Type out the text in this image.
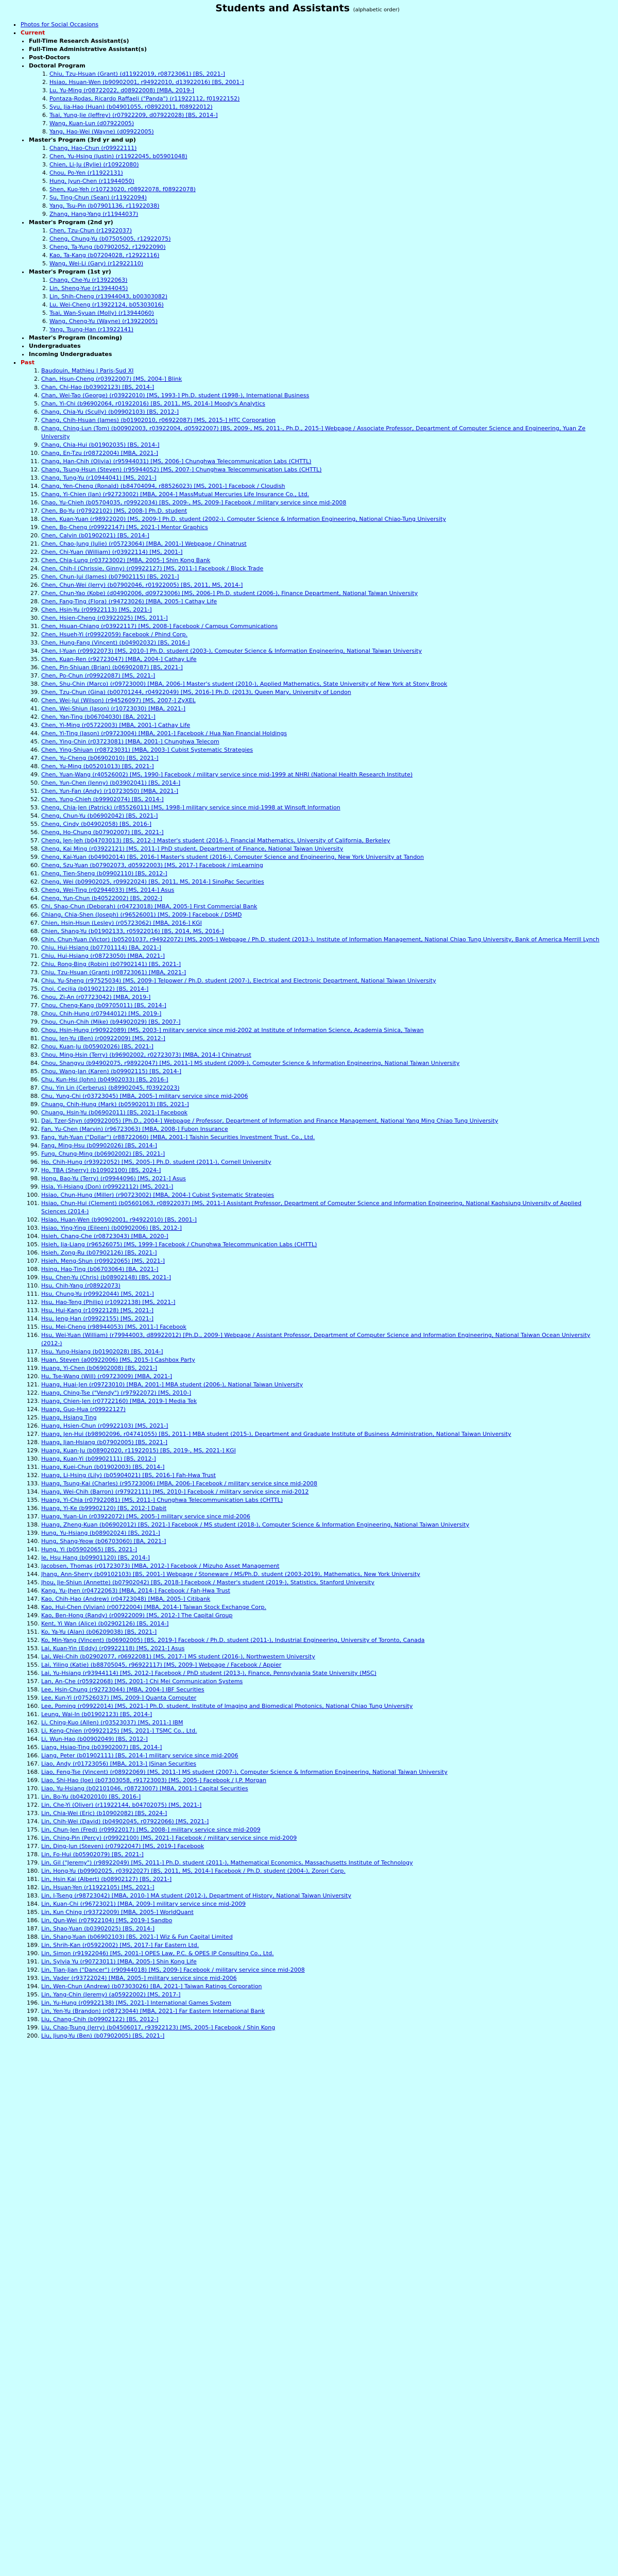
Students and Assistants (alphabetic order)
▪ Photos for Social Occasions
▪ Current
• Full-Time Research Assistant(s)
• Full-Time Administrative Assistant(s)
• Post-Doctors
• Doctoral Program
1. Chiu, Tzu-Hsuan (Grant) (d11922019, r08723061) [BS, 2021-]
2. Hsiao, Hsuan-Wen (b90902001, r94922010, d13922016) [BS, 2001-]
3. Lu, Yu-Ming (r08722022, d08922008) [MBA, 2019-]
4. Pontaza-Rodas, Ricardo Raffaeli ("Panda") (r11922112, f01922152)
5. Syu, Jia-Hao (Huan) (b04901055, r08922011, f08922012)
6. Tsai, Yung-Jie (Jeffrey) (r07922209, d07922028) [BS, 2014-]
7. Wang, Kuan-Lun (d07922005)
8. Yang, Hao-Wei (Wayne) (d09922005)
• Master's Program (3rd yr and up)
1. Chang, Hao-Chun (r09922111)
2. Chen, Yu-Hsing (Justin) (r11922045, b05901048)
3. Chien, Li-Ju (Rylie) (r10922080)
4. Chou, Po-Yen (r11922131)
5. Hung, Jyun-Chen (r11944050)
6. Shen, Kuo-Yeh (r10723020, r08922078, f08922078)
7. Su, Ting-Chun (Sean) (r11922094)
8. Yang, Tsu-Pin (b07901136, r11922038)
9. Zhang, Hang-Yang (r11944037)
• Master's Program (2nd yr)
1. Chen, Tzu-Chun (r12922037)
2. Cheng, Chung-Yu (b07505005, r12922075)
3. Cheng, Ta-Yung (b07902052, r12922090)
4. Kao, Ta-Kang (b07204028, r12922116)
5. Wang, Wei-Li (Gary) (r12922110)
• Master's Program (1st yr)
1. Chang, Che-Yu (r13922063)
2. Lin, Sheng-Yue (r13944045)
3. Lin, Shih-Cheng (r13944043, b00303082)
4. Lu, Wei-Cheng (r13922124, b05303016)
5. Tsai, Wan-Syuan (Molly) (r13944060)
6. Wang, Cheng-Yu (Wayne) (r13922005)
7. Yang, Tsung-Han (r13922141)
• Master's Program (Incoming)
• Undergraduates
• Incoming Undergraduates
▪ Past
1. Baudouin, Mathieu | Paris-Sud XI
2. Chan, Hsun-Cheng (r03922007) [MS, 2004-] Blink
3. Chan, Chi-Hao (b03902123) [BS, 2014-]
4. Chan, Wei-Tao (George) (r03922010) [MS, 1993-] Ph.D. student (1998-), International Business
5. Chan, Yi-Chi (b96902064, r01922016) [BS, 2011, MS, 2014-] Moody's Analytics
6. Chang, Chia-Yu (Scully) (b09902103) [BS, 2012-]
7. Chang, Chih-Hsuan (James) (b01902010, r06922087) [MS, 2015-] HTC Corporation
8. Chang, Ching-Lun (Tom) (b00902003, r03922004, d05922007) [BS, 2009-, MS, 2011-, Ph.D., 2015-] Webpage / Associate Professor, Department of Computer Science and Engineering, Yuan Ze University
9. Chang, Chia-Hui (b01902035) [BS, 2014-]
10. Chang, En-Tzu (r08722004) [MBA, 2021-]
11. Chang, Han-Chih (Olivia) (r95944031) [MS, 2006-] Chunghwa Telecommunication Labs (CHTTL)
12. Chang, Tsung-Hsun (Steven) (r95944052) [MS, 2007-] Chunghwa Telecommunication Labs (CHTTL)
13. Chang, Tung-Yu (r10944041) [MS, 2021-]
14. Chang, Yen-Cheng (Ronald) (b84704094, r88526023) [MS, 2001-] Facebook / Cloudish
15. Chang, Yi-Chien (Jan) (r92723002) [MBA, 2004-] MassMutual Mercuries Life Insurance Co., Ltd.
16. Chao, Yu-Chieh (b05704035, r09922034) [BS, 2009-, MS, 2009-] Facebook / military service since mid-2008
17. Chen, Bo-Yu (r07922102) [MS, 2008-] Ph.D. student
18. Chen, Kuan-Yuan (r98922020) [MS, 2009-] Ph.D. student (2002-), Computer Science & Information Engineering, National Chiao-Tung University
19. Chen, Bo-Cheng (r09922147) [MS, 2021-] Mentor Graphics
20. Chen, Calvin (b01902021) [BS, 2014-]
21. Chen, Chao-Jung (Julie) (r05723064) [MBA, 2001-] Webpage / Chinatrust
22. Chen, Chi-Yuan (William) (r03922114) [MS, 2001-]
23. Chen, Chia-Lung (r03723002) [MBA, 2005-] Shin Kong Bank
24. Chen, Chih-I (Chrissie, Ginny) (r09922127) [MS, 2011-] Facebook / Block Trade
25. Chen, Chun-Jui (James) (b07902115) [BS, 2021-]
26. Chen, Chun-Wei (Jerry) (b07902046, r01922005) [BS, 2011, MS, 2014-]
27. Chen, Chun-Yao (Kobe) (d04902006, d09723006) [MS, 2006-] Ph.D. student (2006-), Finance Department, National Taiwan University
28. Chen, Fang-Ting (Flora) (r94723026) [MBA, 2005-] Cathay Life
29. Chen, Hsin-Yu (r09922113) [MS, 2021-]
30. Chen, Hsien-Cheng (r03922025) [MS, 2011-]
31. Chen, Hsuan-Chiang (r03922117) [MS, 2008-] Facebook / Campus Communications
32. Chen, Hsueh-Yi (r09922059) Facebook / Phind Corp.
33. Chen, Hung-Fang (Vincent) (b04902032) [BS, 2016-]
34. Chen, I-Yuan (r09922073) [MS, 2010-] Ph.D. student (2003-), Computer Science & Information Engineering, National Taiwan University
35. Chen, Kuan-Ren (r92723047) [MBA, 2004-] Cathay Life
36. Chen, Pin-Shiuan (Brian) (b06902087) [BS, 2021-]
37. Chen, Po-Chun (r09922087) [MS, 2021-]
38. Chen, Shu-Chin (Marco) (r09723000) [MBA, 2006-] Master's student (2010-), Applied Mathematics, State University of New York at Stony Brook
39. Chen, Tzu-Chun (Gina) (b00701244, r04922049) [MS, 2016-] Ph.D. (2013), Queen Mary, University of London
40. Chen, Wei-Jui (Wilson) (r94526097) [MS, 2007-] ZyXEL
41. Chen, Wei-Shiun (Jason) (r10723030) [MBA, 2021-]
42. Chen, Yan-Ting (b06704030) [BA, 2021-]
43. Chen, Yi-Ming (r05722003) [MBA, 2001-] Cathay Life
44. Chen, Yi-Ting (Jason) (r09723004) [MBA, 2001-] Facebook / Hua Nan Financial Holdings
45. Chen, Ying-Chin (r03723081) [MBA, 2001-] Chunghwa Telecom
46. Chen, Ying-Shiuan (r08723031) [MBA, 2003-] Cubist Systematic Strategies
47. Chen, Yu-Cheng (b06902010) [BS, 2021-]
48. Chen, Yu-Ming (b05201013) [BS, 2021-]
49. Chen, Yuan-Wang (r40526002) [MS, 1990-] Facebook / military service since mid-1999 at NHRI (National Health Research Institute)
50. Chen, Yun-Chen (Jenny) (b03902041) [BS, 2014-]
51. Chen, Yun-Fan (Andy) (r10723050) [MBA, 2021-]
52. Chen, Yung-Chieh (b99902074) [BS, 2014-]
53. Cheng, Chia-Jen (Patrick) (r85526011) [MS, 1998-] military service since mid-1998 at Winsoft Information
54. Cheng, Chun-Yu (b06902042) [BS, 2021-]
55. Cheng, Cindy (b04902058) [BS, 2016-]
56. Cheng, Ho-Chung (b07902007) [BS, 2021-]
57. Cheng, Jen-Jeh (b04703013) [BS, 2012-] Master's student (2016-), Financial Mathematics, University of California, Berkeley
58. Cheng, Kai Ming (r03922121) [MS, 2011-] PhD student, Department of Finance, National Taiwan University
59. Cheng, Kai-Yuan (b04902014) [BS, 2016-] Master's student (2016-), Computer Science and Engineering, New York University at Tandon
60. Cheng, Szu-Yuan (b07902073, d05922003) [MS, 2017-] Facebook / imLearning
61. Cheng, Tien-Sheng (b09902110) [BS, 2012-]
62. Cheng, Wei (b09902025, r09922024) [BS, 2011, MS, 2014-] SinoPac Securities
63. Cheng, Wei-Ting (r02944033) [MS, 2014-] Asus
64. Cheng, Yun-Chun (b40522002) [BS, 2002-]
65. Chi, Shao-Chun (Deborah) (r04723018) [MBA, 2005-] First Commercial Bank
66. Chiang, Chia-Shen (Joseph) (r96526001) [MS, 2009-] Facebook / DSMD
67. Chien, Hsin-Hsun (Lesley) (r05723062) [MBA, 2016-] KGI
68. Chien, Shang-Yu (b01902133, r05922016) [BS, 2014, MS, 2016-]
69. Chin, Chun-Yuan (Victor) (b05201037, r94922072) [MS, 2005-] Webpage / Ph.D. student (2013-), Institute of Information Management, National Chiao Tung University, Bank of America Merrill Lynch
70. Chiu, Hui-Hsiang (b07701114) [BA, 2021-]
71. Chiu, Hui-Hsiang (r08723050) [MBA, 2021-]
72. Chiu, Rong-Bing (Robin) (b07902141) [BS, 2021-]
73. Chiu, Tzu-Hsuan (Grant) (r08723061) [MBA, 2021-]
74. Chiu, Yu-Sheng (r97525034) [MS, 2009-] Telpower / Ph.D. student (2007-), Electrical and Electronic Department, National Taiwan University
75. Choi, Cecilia (b01902122) [BS, 2014-]
76. Chou, Zi-An (r07723042) [MBA, 2019-]
77. Chou, Cheng-Kang (b09705011) [BS, 2014-]
78. Chou, Chih-Hung (r07944012) [MS, 2019-]
79. Chou, Chun-Chih (Mike) (b94902029) [BS, 2007-]
80. Chou, Hsin-Hung (r90922089) [MS, 2003-] military service since mid-2002 at Institute of Information Science, Academia Sinica, Taiwan
81. Chou, Jen-Yu (Ben) (r00922009) [MS, 2012-]
82. Chou, Kuan-Ju (b05902026) [BS, 2021-]
83. Chou, Ming-Hsin (Terry) (b96902002, r02723073) [MBA, 2014-] Chinatrust
84. Chou, Shangyu (b94902075, r98922047) [MS, 2011-] MS student (2009-), Computer Science & Information Engineering, National Taiwan University
85. Chou, Wang-Jan (Karen) (b09902115) [BS, 2014-]
86. Chu, Kun-Hsi (John) (b04902033) [BS, 2016-]
87. Chu, Yin Lin (Cerberus) (b89902045, f03922023)
88. Chu, Yung-Chi (r03723045) [MBA, 2005-] military service since mid-2006
89. Chuang, Chih-Hung (Mark) (b05902013) [BS, 2021-]
90. Chuang, Hsin-Yu (b06902011) [BS, 2021-] Facebook
91. Dai, Tzer-Shyn (d90922005) [Ph.D., 2004-] Webpage / Professor, Department of Information and Finance Management, National Yang Ming Chiao Tung University
92. Fan, Yu-Chen (Marvin) (r96723063) [MBA, 2008-] Fubon Insurance
93. Fang, Yuh-Yuan ("Dollar") (r88722060) [MBA, 2001-] Taishin Securities Investment Trust. Co., Ltd.
94. Fang, Ming-Hsu (b09902026) [BS, 2014-]
95. Fung, Chung-Ming (b06902002) [BS, 2021-]
96. Ho, Chih-Hung (r93922052) [MS, 2005-] Ph.D. student (2011-), Cornell University
97. Ho, TBA (Sherry) (b10902100) [BS, 2024-]
98. Hong, Bao-Yu (Terry) (r09944096) [MS, 2021-] Asus
99. Hsia, Yi-Hsiang (Don) (r09922112) [MS, 2021-]
100. Hsiao, Chun-Hung (Miller) (r90723002) [MBA, 2004-] Cubist Systematic Strategies
101. Hsiao, Chun-Hui (Clement) (b05601063, r08922037) [MS, 2011-] Assistant Professor, Department of Computer Science and Information Engineering, National Kaohsiung University of Applied Sciences (2014-)
102. Hsiao, Huan-Wen (b90902001, r94922010) [BS, 2001-]
103. Hsiao, Ying-Ying (Eileen) (b00902006) [BS, 2012-]
104. Hsieh, Chang-Che (r08723043) [MBA, 2020-]
105. Hsieh, Jia-Liang (r96526075) [MS, 1999-] Facebook / Chunghwa Telecommunication Labs (CHTTL)
106. Hsieh, Zong-Ru (b07902126) [BS, 2021-]
107. Hsieh, Meng-Shun (r09922065) [MS, 2021-]
108. Hsing, Hao-Ting (b06703064) [BA, 2021-]
109. Hsu, Chen-Yu (Chris) (b08902148) [BS, 2021-]
110. Hsu, Chih-Yang (r08922073)
111. Hsu, Chung-Yu (r09922044) [MS, 2021-]
112. Hsu, Hao-Teng (Philip) (r10922138) [MS, 2021-]
113. Hsu, Hui-Kang (r10922128) [MS, 2021-]
114. Hsu, Jeng-Han (r09922155) [MS, 2021-]
115. Hsu, Mei-Cheng (r98944053) [MS, 2011-] Facebook
116. Hsu, Wei-Yuan (William) (r79944003, d89922012) [Ph.D., 2009-] Webpage / Assistant Professor, Department of Computer Science and Information Engineering, National Taiwan Ocean University (2012-)
117. Hsu, Yung-Hsiang (b01902028) [BS, 2014-]
118. Huan, Steven (a00922006) [MS, 2015-] Cashbox Party
119. Huang, Yi-Chen (b06902008) [BS, 2021-]
120. Hu, Tse-Wang (Will) (r09723009) [MBA, 2021-]
121. Huang, Huai-Jen (r09723010) [MBA, 2001-] MBA student (2006-), National Taiwan University
122. Huang, Ching-Tse ("Vendy") (r97922072) [MS, 2010-]
123. Huang, Chien-Jen (r07722160) [MBA, 2019-] Media Tek
124. Huang, Guo-Hua (r09922127)
125. Huang, Hsiang Ting
126. Huang, Hsien-Chun (r09922103) [MS, 2021-]
127. Huang, Jen-Hui (b98902096, r04741055) [BS, 2011-] MBA student (2015-), Department and Graduate Institute of Business Administration, National Taiwan University
128. Huang, Jian-Hsiang (b07902005) [BS, 2021-]
129. Huang, Kuan-Ju (b08902020, r11922015) [BS, 2019-, MS, 2021-] KGI
130. Huang, Kuan-Yi (b09902111) [BS, 2012-]
131. Huang, Kuei-Chun (b01902003) [BS, 2014-]
132. Huang, Li-Hsing (Lily) (b05904021) [BS, 2016-] Fah-Hwa Trust
133. Huang, Tsung-Kai (Charles) (r95723006) [MBA, 2006-] Facebook / military service since mid-2008
134. Huang, Wei-Chih (Barron) (r97922111) [MS, 2010-] Facebook / military service since mid-2012
135. Huang, Yi-Chia (r07922081) [MS, 2011-] Chunghwa Telecommunication Labs (CHTTL)
136. Huang, Yi-Ke (b99902120) [BS, 2012-] Dabit
137. Huang, Yuan-Lin (r03922072) [MS, 2005-] military service since mid-2006
138. Huang, Zheng-Kuan (b06902012) [BS, 2021-] Facebook / MS student (2018-), Computer Science & Information Engineering, National Taiwan University
139. Hung, Yu-Hsiang (b08902024) [BS, 2021-]
140. Hung, Shang-Yeow (b06703060) [BA, 2021-]
141. Hung, Yi (b05902065) [BS, 2021-]
142. Ie, Hsu Hang (b09901120) [BS, 2014-]
143. Jacobsen, Thomas (r01723073) [MBA, 2012-] Facebook / Mizuho Asset Management
144. Jhang, Ann-Sherry (b09102103) [BS, 2001-] Webpage / Stoneware / MS/Ph.D. student (2003-2019), Mathematics, New York University
145. Jhou, Jie-Shiun (Annette) (b07902042) [BS, 2018-] Facebook / Master's student (2019-), Statistics, Stanford University
146. Kang, Yu-Jhen (r04722063) [MBA, 2014-] Facebook / Fah-Hwa Trust
147. Kao, Chih-Hao (Andrew) (r04723048) [MBA, 2005-] Citibank
148. Kao, Hui-Chen (Vivian) (r00722004) [MBA, 2014-] Taiwan Stock Exchange Corp.
149. Kao, Ben-Hong (Randy) (r00922009) [MS, 2012-] The Capital Group
150. Kent, Yi Wan (Alice) (b02902126) [BS, 2014-]
151. Ko, Ya-Yu (Alan) (b06209038) [BS, 2021-]
152. Ko, Min-Yang (Vincent) (b06902005) [BS, 2019-] Facebook / Ph.D. student (2011-), Industrial Engineering, University of Toronto, Canada
153. Lai, Kuan-Yin (Eddy) (r09922118) [MS, 2021-] Asus
154. Lai, Wei-Chih (b02902077, r06922081) [MS, 2017-] MS student (2016-), Northwestern University
155. Lai, Yiling (Katie) (b88705045, r96922117) [MS, 2009-] Webpage / Facebook / Appier
156. Lai, Yu-Hsiang (r93944114) [MS, 2012-] Facebook / PhD student (2013-), Finance, Pennsylvania State University (MSC)
157. Lan, An-Che (r05922068) [MS, 2001-] Chi Mei Communication Systems
158. Lee, Hsin-Chung (r92723044) [MBA, 2004-] IBF Securities
159. Lee, Kun-Yi (r07526037) [MS, 2009-] Quanta Computer
160. Lee, Poming (r09922014) [MS, 2021-] Ph.D. student, Institute of Imaging and Biomedical Photonics, National Chiao Tung University
161. Leung, Wai-In (b01902123) [BS, 2014-]
162. Li, Ching-Kuo (Allen) (r03523037) [MS, 2011-] IBM
163. Li, Keng-Chien (r09922125) [MS, 2021-] TSMC Co., Ltd.
164. Li, Wun-Hao (b00902049) [BS, 2012-]
165. Liang, Hsiao-Ting (b03902007) [BS, 2014-]
166. Liang, Peter (b01902111) [BS, 2014-] military service since mid-2006
167. Liao, Andy (r01723056) [MBA, 2013-] JSinan Securities
168. Liao, Feng-Tse (Vincent) (r08922069) [MS, 2011-] MS student (2007-), Computer Science & Information Engineering, National Taiwan University
169. Liao, Shi-Hao (Joe) (b07303058, r91723003) [MS, 2005-] Facebook / J.P. Morgan
170. Liao, Yu-Hsiang (b02101046, r08723007) [MBA, 2001-] Capital Securities
171. Lin, Bo-Yu (b04202010) [BS, 2016-]
172. Lin, Che-Yi (Oliver) (r11922144, b04702075) [MS, 2021-]
173. Lin, Chia-Wei (Eric) (b10902082) [BS, 2024-]
174. Lin, Chih-Wei (David) (b04902045, r07922066) [MS, 2021-]
175. Lin, Chun-Jen (Fred) (r09922017) [MS, 2008-] military service since mid-2009
176. Lin, Ching-Pin (Percy) (r09922100) [MS, 2021-] Facebook / military service since mid-2009
177. Lin, Ding-Jun (Steven) (r07922047) [MS, 2019-] Facebook
178. Lin, Fo-Hui (b05902079) [BS, 2021-]
179. Lin, Gil ("Jeremy") (r98922049) [MS, 2011-] Ph.D. student (2011-), Mathematical Economics, Massachusetts Institute of Technology
180. Lin, Hong-Yu (b09902025, r03922027) [BS, 2011, MS, 2014-] Facebook / Ph.D. student (2004-), Zorori Corp.
181. Lin, Hsin Kai (Albert) (b08902127) [BS, 2021-]
182. Lin, Hsuan-Yen (r11922105) [MS, 2021-]
183. Lin, I-Tseng (r98723042) [MBA, 2010-] MA student (2012-), Department of History, National Taiwan University
184. Lin, Kuan-Chi (r96723021) [MBA, 2009-] military service since mid-2009
185. Lin, Kun Ching (r93722009) [MBA, 2005-] WorldQuant
186. Lin, Qun-Wei (r07922104) [MS, 2019-] Sandbo
187. Lin, Shao-Yuan (b03902025) [BS, 2014-]
188. Lin, Shang-Yuan (b06902103) [BS, 2021-] Wiz & Fun Capital Limited
189. Lin, Shrih-Kan (r05922002) [MS, 2017-] Far Eastern Ltd.
190. Lin, Simon (r91922046) [MS, 2001-] OPES Law, P.C. & OPES IP Consulting Co., Ltd.
191. Lin, Sylvia Yu (r90723011) [MBA, 2005-] Shin Kong Life
192. Lin, Tian-Jian ("Dancer") (r90944018) [MS, 2009-] Facebook / military service since mid-2008
193. Lin, Vader (r93722024) [MBA, 2005-] military service since mid-2006
194. Lin, Wen-Chun (Andrew) (b07303026) [BA, 2021-] Taiwan Ratings Corporation
195. Lin, Yang-Chin (Jeremy) (a05922002) [MS, 2017-]
196. Lin, Yu-Hung (r09922138) [MS, 2021-] International Games System
197. Lin, Yen-Yu (Brandon) (r08723044) [MBA, 2021-] Far Eastern International Bank
198. Liu, Chang-Chih (b09902122) [BS, 2012-]
199. Liu, Chao-Tsung (Jerry) (b04506017, r93922123) [MS, 2005-] Facebook / Shin Kong
200. Liu, Jiung-Yu (Ben) (b07902005) [BS, 2021-]
